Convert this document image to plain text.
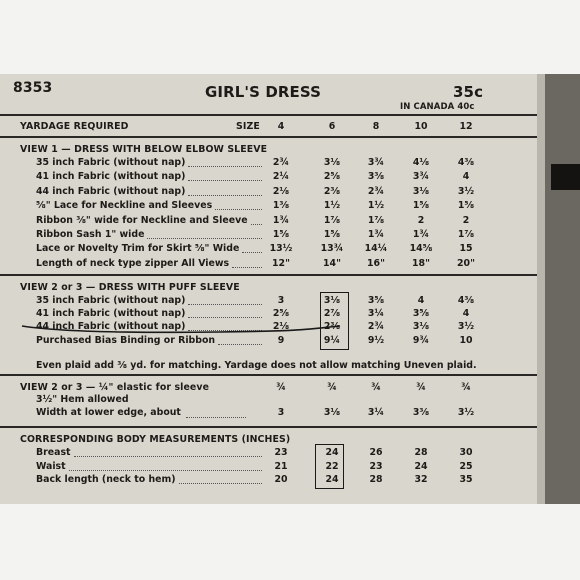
8353	GIRL'S DRESS	35c
IN CANADA 40c
YARDAGE REQUIRED	SIZE	4	6	8	10	12
VIEW 1 — DRESS WITH BELOW ELBOW SLEEVE
35 inch Fabric (without nap)	2¾	3⅛	3¾	4⅛	4⅜
41 inch Fabric (without nap)	2¼	2⅝	3⅜	3¾	4
44 inch Fabric (without nap)	2⅛	2⅜	2¾	3⅛	3½
⅝" Lace for Neckline and Sleeves	1⅜	1½	1½	1⅝	1⅝
Ribbon ⅜" wide for Neckline and Sleeve	1¾	1⅞	1⅞	2	2
Ribbon Sash 1" wide	1⅝	1⅝	1¾	1¾	1⅞
Lace or Novelty Trim for Skirt ⅝" Wide	13½	13¾	14¼	14⅝	15
Length of neck type zipper All Views	12"	14"	16"	18"	20"
VIEW 2 or 3 — DRESS WITH PUFF SLEEVE
35 inch Fabric (without nap)	3	3⅛	3⅝	4	4⅜
41 inch Fabric (without nap)	2⅝	2⅞	3¼	3⅝	4
44 inch Fabric (without nap)	2⅛	2⅜	2¾	3⅛	3½
Purchased Bias Binding or Ribbon	9	9¼	9½	9¾	10
Even plaid add ⅜ yd. for matching. Yardage does not allow matching Uneven plaid.
VIEW 2 or 3 — ¼" elastic for sleeve	¾	¾	¾	¾	¾
3½" Hem allowed
Width at lower edge, about	3	3⅛	3¼	3⅜	3½
CORRESPONDING BODY MEASUREMENTS (INCHES)
Breast	23	24	26	28	30
Waist	21	22	23	24	25
Back length (neck to hem)	20	24	28	32	35
